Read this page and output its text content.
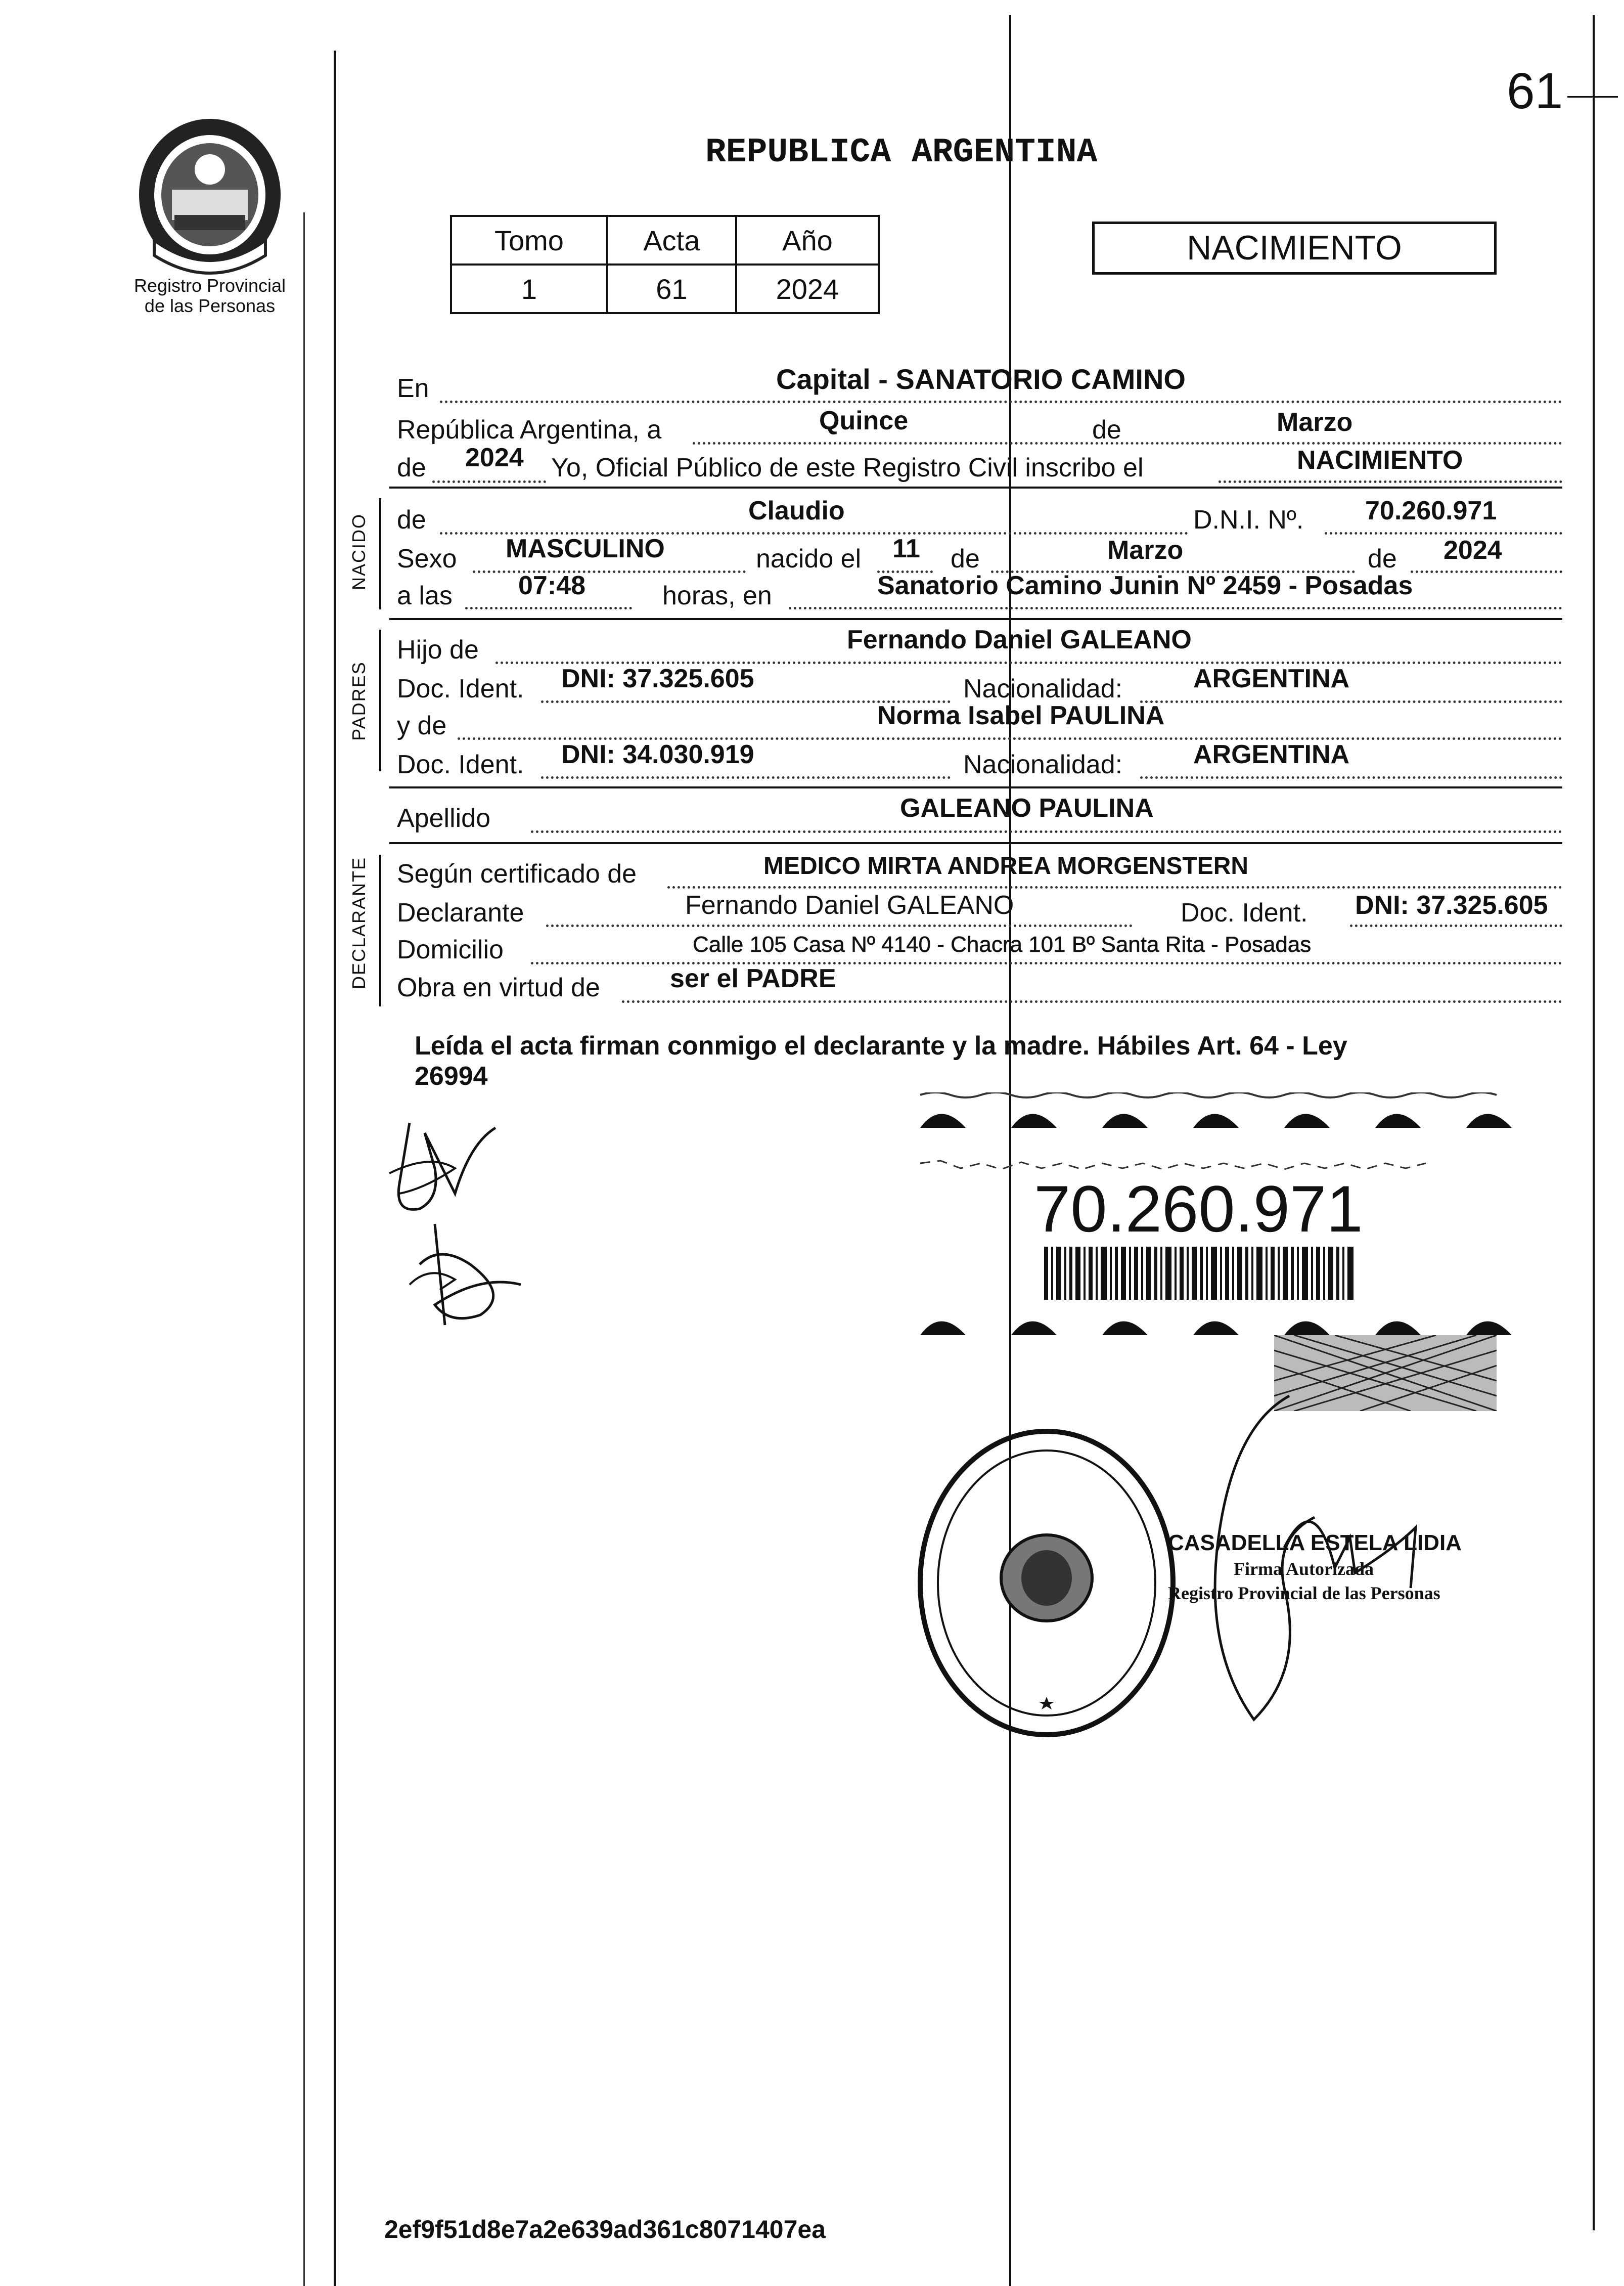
61
Registro Provincial
de las Personas
REPUBLICA ARGENTINA
Tomo	Acta	Año
1	61	2024
NACIMIENTO
En	Capital - SANATORIO CAMINO
República Argentina, a	Quince	de	Marzo
de 2024 Yo, Oficial Público de este Registro Civil inscribo el	NACIMIENTO
NACIDO de	Claudio	D.N.I. Nº. 70.260.971
Sexo MASCULINO	nacido el 11 de	Marzo	de 2024
a las	07:48	horas, en	Sanatorio Camino Junin Nº 2459 - Posadas
PADRES
Hijo de	Fernando Daniel GALEANO
Doc. Ident. DNI: 37.325.605	Nacionalidad:	ARGENTINA
y de	Norma Isabel PAULINA
Doc. Ident. DNI: 34.030.919	Nacionalidad:	ARGENTINA
Apellido	GALEANO PAULINA
DECLARANTE Según certificado de	MEDICO MIRTA ANDREA MORGENSTERN
Declarante	Fernando Daniel GALEANO	Doc. Ident. DNI: 37.325.605
Domicilio	Calle 105 Casa Nº 4140 - Chacra 101 Bº Santa Rita - Posadas
Obra en virtud de	ser el PADRE
Leída el acta firman conmigo el declarante y la madre. Hábiles Art. 64 - Ley
26994
70.260.971
CASADELLA ESTELA LIDIA
Firma Autorizada
Registro Provincial de las Personas
2ef9f51d8e7a2e639ad361c8071407ea
